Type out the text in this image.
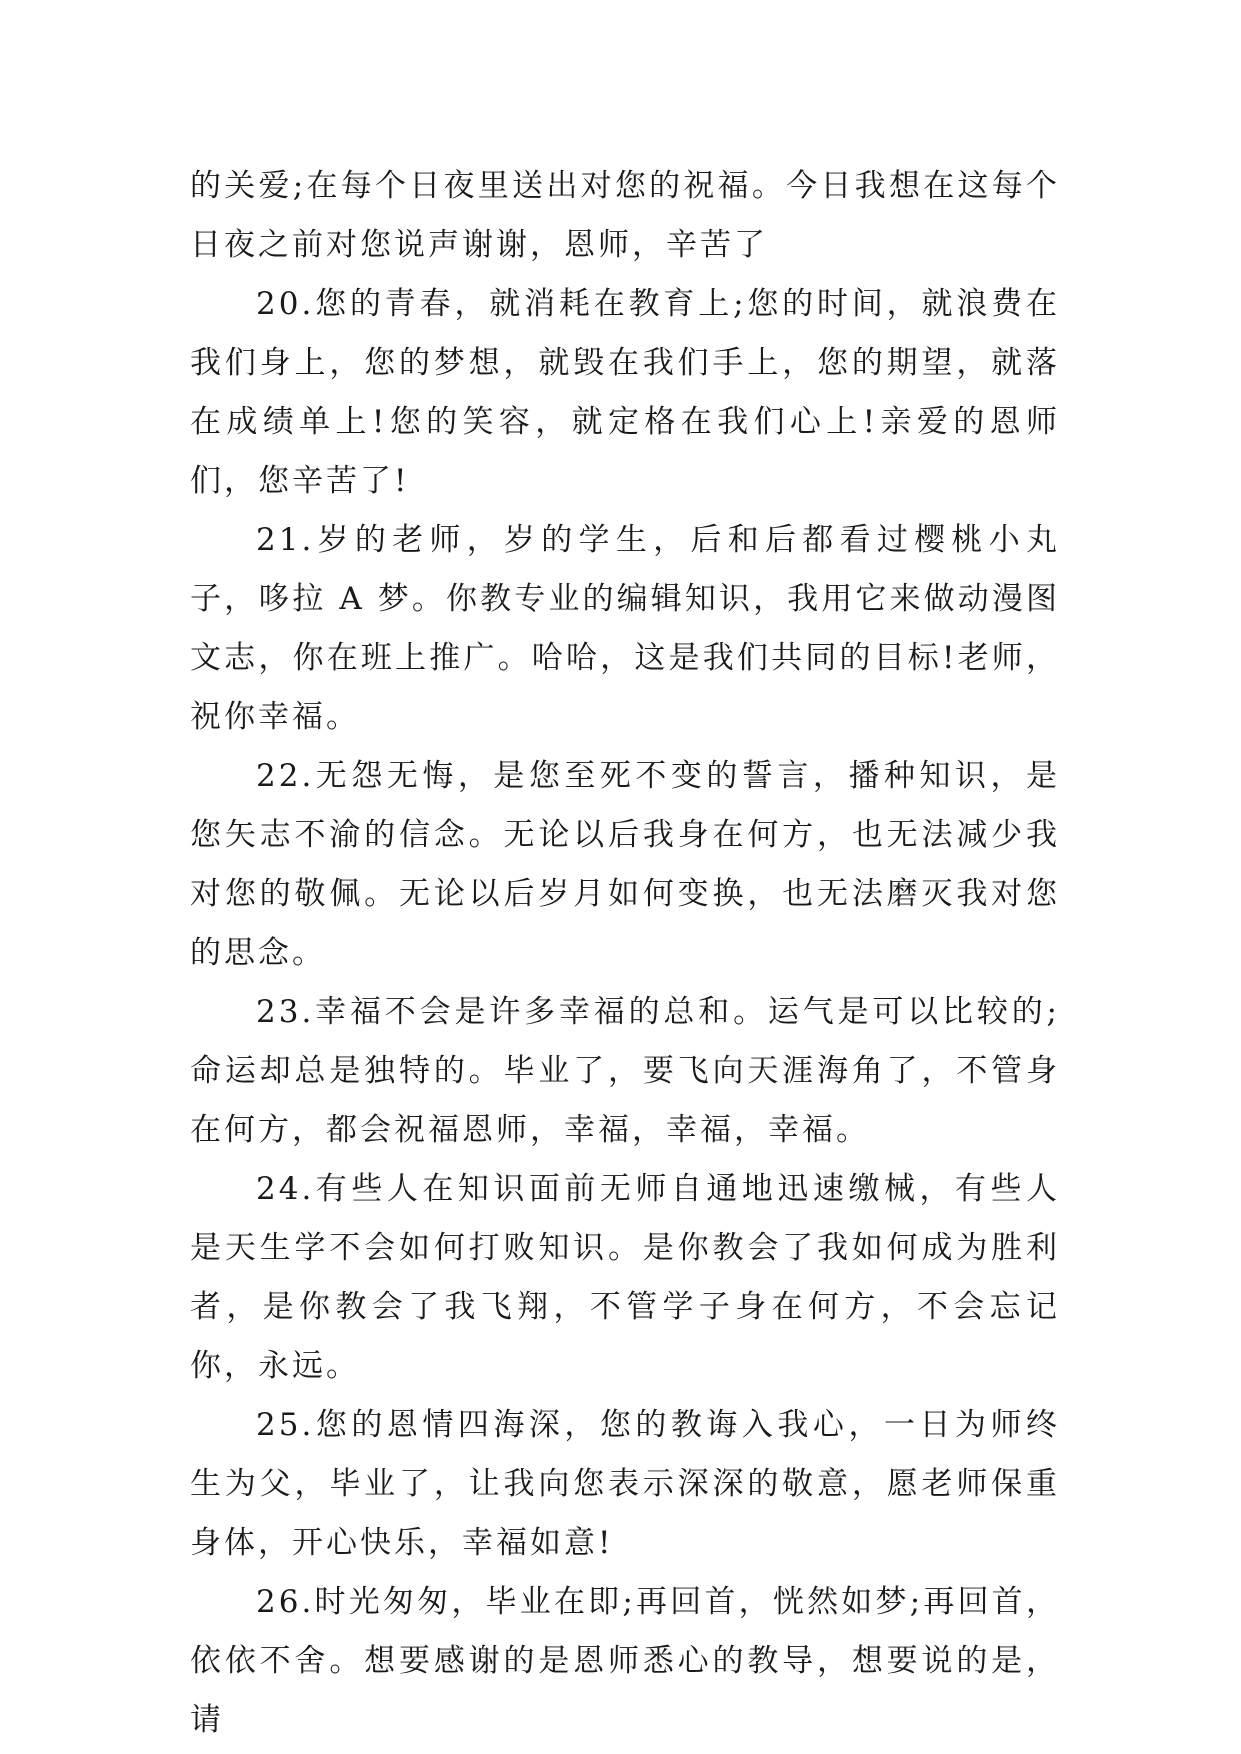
的关爱;在每个日夜里送出对您的祝福。今日我想在这每个日夜之前对您说声谢谢，恩师，辛苦了

20.您的青春，就消耗在教育上;您的时间，就浪费在我们身上，您的梦想，就毁在我们手上，您的期望，就落在成绩单上!您的笑容，就定格在我们心上!亲爱的恩师们，您辛苦了!

21.岁的老师，岁的学生，后和后都看过樱桃小丸子，哆拉 A 梦。你教专业的编辑知识，我用它来做动漫图文志，你在班上推广。哈哈，这是我们共同的目标!老师，祝你幸福。

22.无怨无悔，是您至死不变的誓言，播种知识，是您矢志不渝的信念。无论以后我身在何方，也无法减少我对您的敬佩。无论以后岁月如何变换，也无法磨灭我对您的思念。

23.幸福不会是许多幸福的总和。运气是可以比较的;命运却总是独特的。毕业了，要飞向天涯海角了，不管身在何方，都会祝福恩师，幸福，幸福，幸福。

24.有些人在知识面前无师自通地迅速缴械，有些人是天生学不会如何打败知识。是你教会了我如何成为胜利者，是你教会了我飞翔，不管学子身在何方，不会忘记你，永远。

25.您的恩情四海深，您的教诲入我心，一日为师终生为父，毕业了，让我向您表示深深的敬意，愿老师保重身体，开心快乐，幸福如意!

26.时光匆匆，毕业在即;再回首，恍然如梦;再回首，依依不舍。想要感谢的是恩师悉心的教导，想要说的是，请
